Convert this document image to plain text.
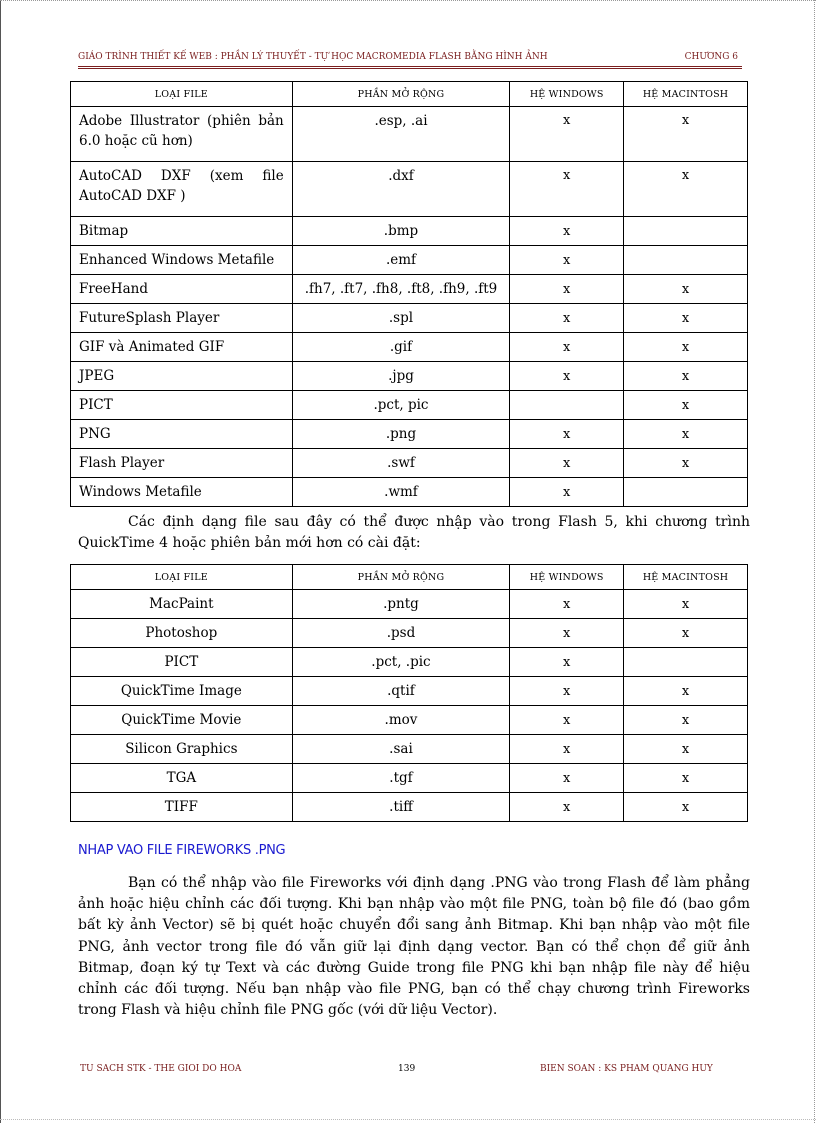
GIÁO TRÌNH THIẾT KẾ WEB : PHẦN LÝ THUYẾT - TỰ HỌC MACROMEDIA FLASH BẰNG HÌNH ẢNH	CHƯƠNG 6
LOẠI FILE	PHẦN MỞ RỘNG	HỆ WINDOWS	HỆ MACINTOSH
Adobe Illustrator (phiên bản 6.0 hoặc cũ hơn)	.esp, .ai	x	x
AutoCAD DXF (xem file AutoCAD DXF )	.dxf	x	x
Bitmap	.bmp	x	
Enhanced Windows Metafile	.emf	x	
FreeHand	.fh7, .ft7, .fh8, .ft8, .fh9, .ft9	x	x
FutureSplash Player	.spl	x	x
GIF và Animated GIF	.gif	x	x
JPEG	.jpg	x	x
PICT	.pct, pic		x
PNG	.png	x	x
Flash Player	.swf	x	x
Windows Metafile	.wmf	x	

Các định dạng file sau đây có thể được nhập vào trong Flash 5, khi chương trình QuickTime 4 hoặc phiên bản mới hơn có cài đặt:

LOẠI FILE	PHẦN MỞ RỘNG	HỆ WINDOWS	HỆ MACINTOSH
MacPaint	.pntg	x	x
Photoshop	.psd	x	x
PICT	.pct, .pic	x	
QuickTime Image	.qtif	x	x
QuickTime Movie	.mov	x	x
Silicon Graphics	.sai	x	x
TGA	.tgf	x	x
TIFF	.tiff	x	x
NHAP VAO FILE FIREWORKS .PNG

Bạn có thể nhập vào file Fireworks với định dạng .PNG vào trong Flash để làm phẳng ảnh hoặc hiệu chỉnh các đối tượng. Khi bạn nhập vào một file PNG, toàn bộ file đó (bao gồm bất kỳ ảnh Vector) sẽ bị quét hoặc chuyển đổi sang ảnh Bitmap. Khi bạn nhập vào một file PNG, ảnh vector trong file đó vẫn giữ lại định dạng vector. Bạn có thể chọn để giữ ảnh Bitmap, đoạn ký tự Text và các đường Guide trong file PNG khi bạn nhập file này để hiệu chỉnh các đối tượng. Nếu bạn nhập vào file PNG, bạn có thể chạy chương trình Fireworks trong Flash và hiệu chỉnh file PNG gốc (với dữ liệu Vector).

TU SACH STK - THE GIOI DO HOA	139	BIEN SOAN : KS PHAM QUANG HUY
